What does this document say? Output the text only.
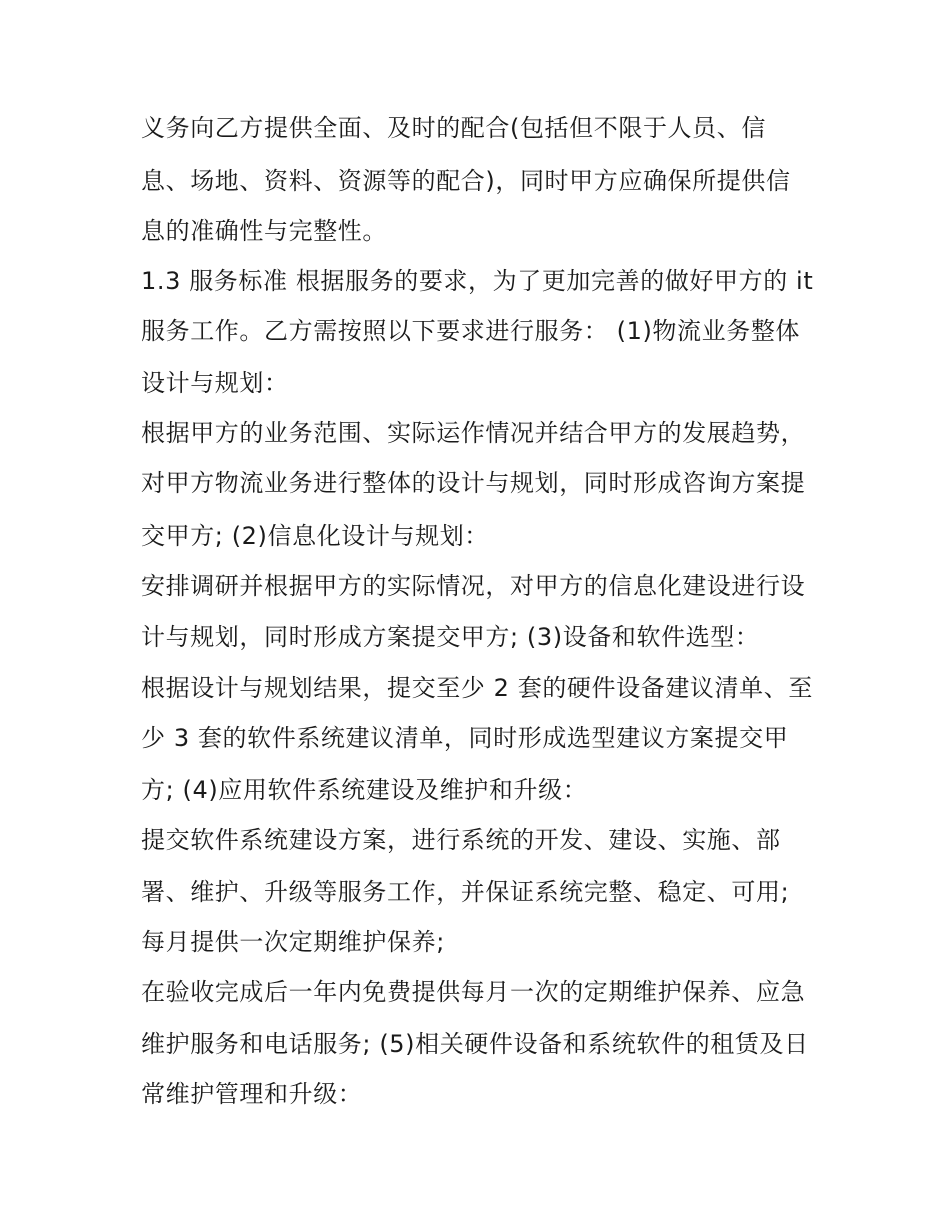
义务向乙方提供全面、及时的配合(包括但不限于人员、信
息、场地、资料、资源等的配合)，同时甲方应确保所提供信
息的准确性与完整性。
1.3 服务标准 根据服务的要求，为了更加完善的做好甲方的 it
服务工作。乙方需按照以下要求进行服务： (1)物流业务整体
设计与规划：
根据甲方的业务范围、实际运作情况并结合甲方的发展趋势，
对甲方物流业务进行整体的设计与规划，同时形成咨询方案提
交甲方; (2)信息化设计与规划：
安排调研并根据甲方的实际情况，对甲方的信息化建设进行设
计与规划，同时形成方案提交甲方; (3)设备和软件选型：
根据设计与规划结果，提交至少 2 套的硬件设备建议清单、至
少 3 套的软件系统建议清单，同时形成选型建议方案提交甲
方; (4)应用软件系统建设及维护和升级：
提交软件系统建设方案，进行系统的开发、建设、实施、部
署、维护、升级等服务工作，并保证系统完整、稳定、可用;
每月提供一次定期维护保养;
在验收完成后一年内免费提供每月一次的定期维护保养、应急
维护服务和电话服务; (5)相关硬件设备和系统软件的租赁及日
常维护管理和升级：
